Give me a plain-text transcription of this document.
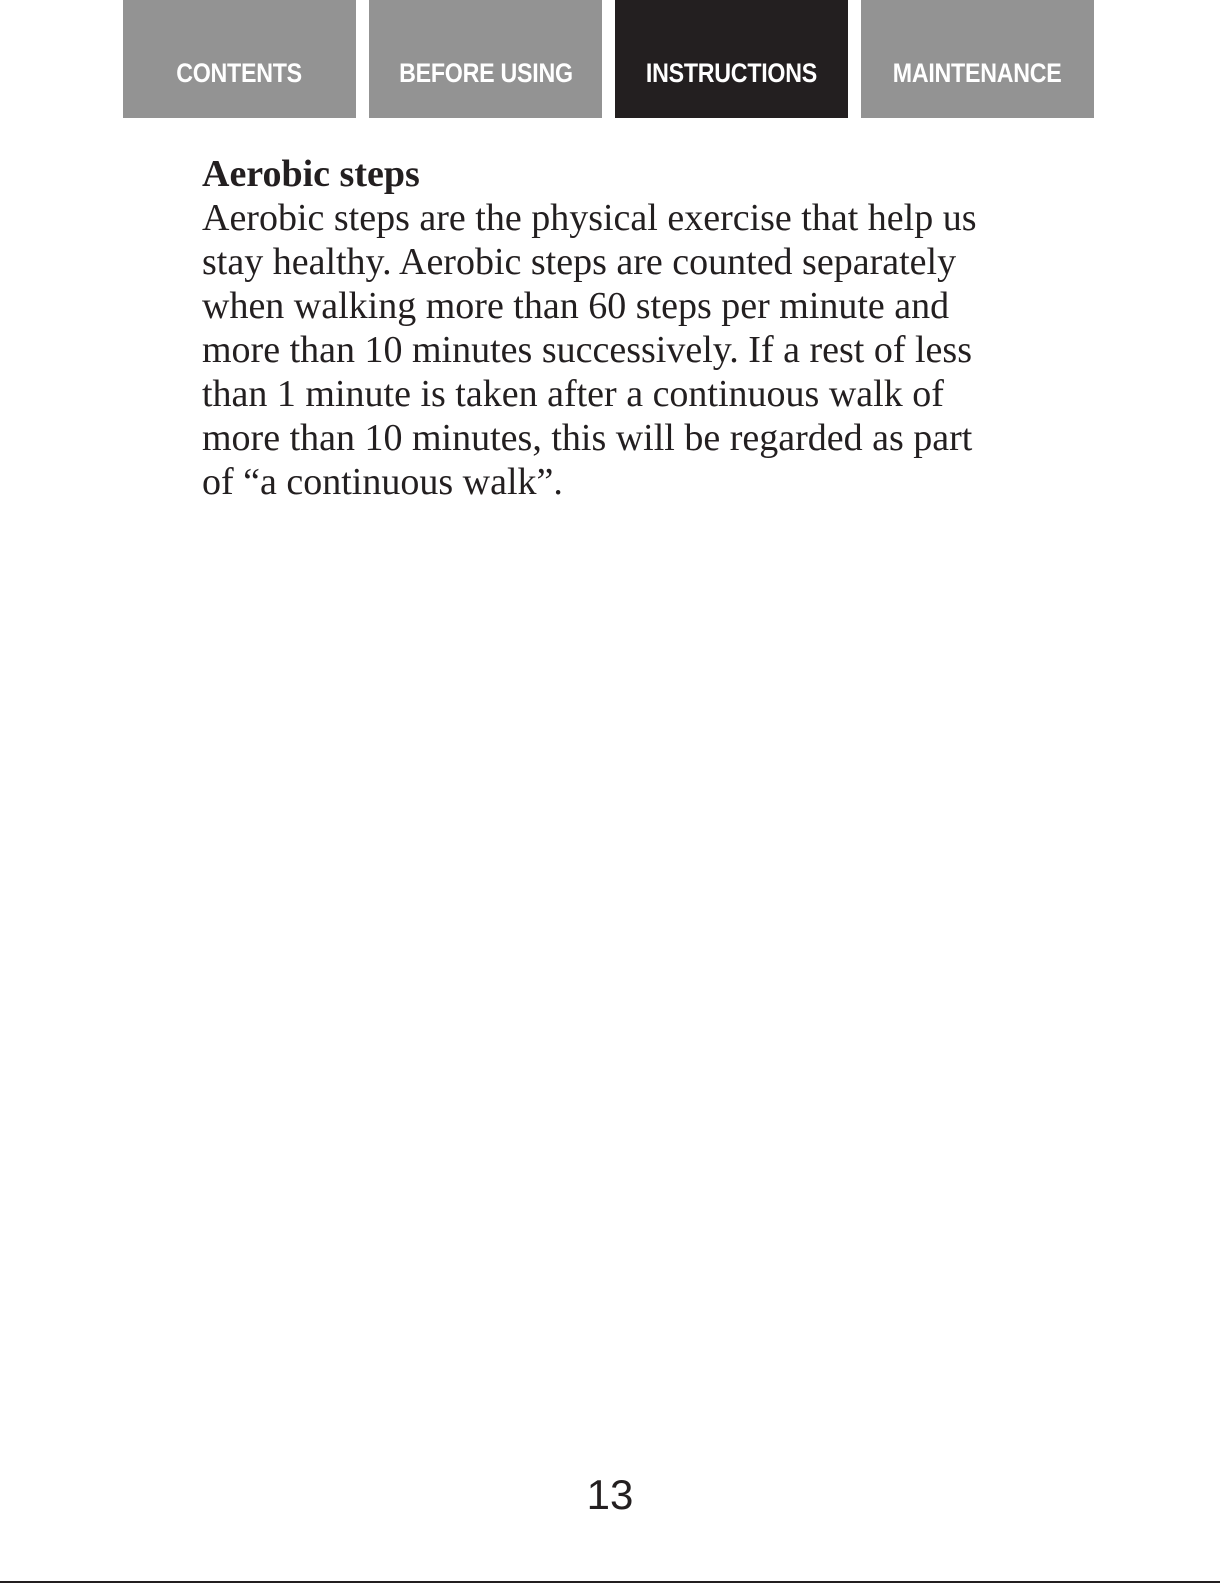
CONTENTS	BEFORE USING	INSTRUCTIONS	MAINTENANCE
Aerobic steps

Aerobic steps are the physical exercise that help us
stay healthy. Aerobic steps are counted separately
when walking more than 60 steps per minute and
more than 10 minutes successively. If a rest of less
than 1 minute is taken after a continuous walk of
more than 10 minutes, this will be regarded as part
of “a continuous walk”.

13
